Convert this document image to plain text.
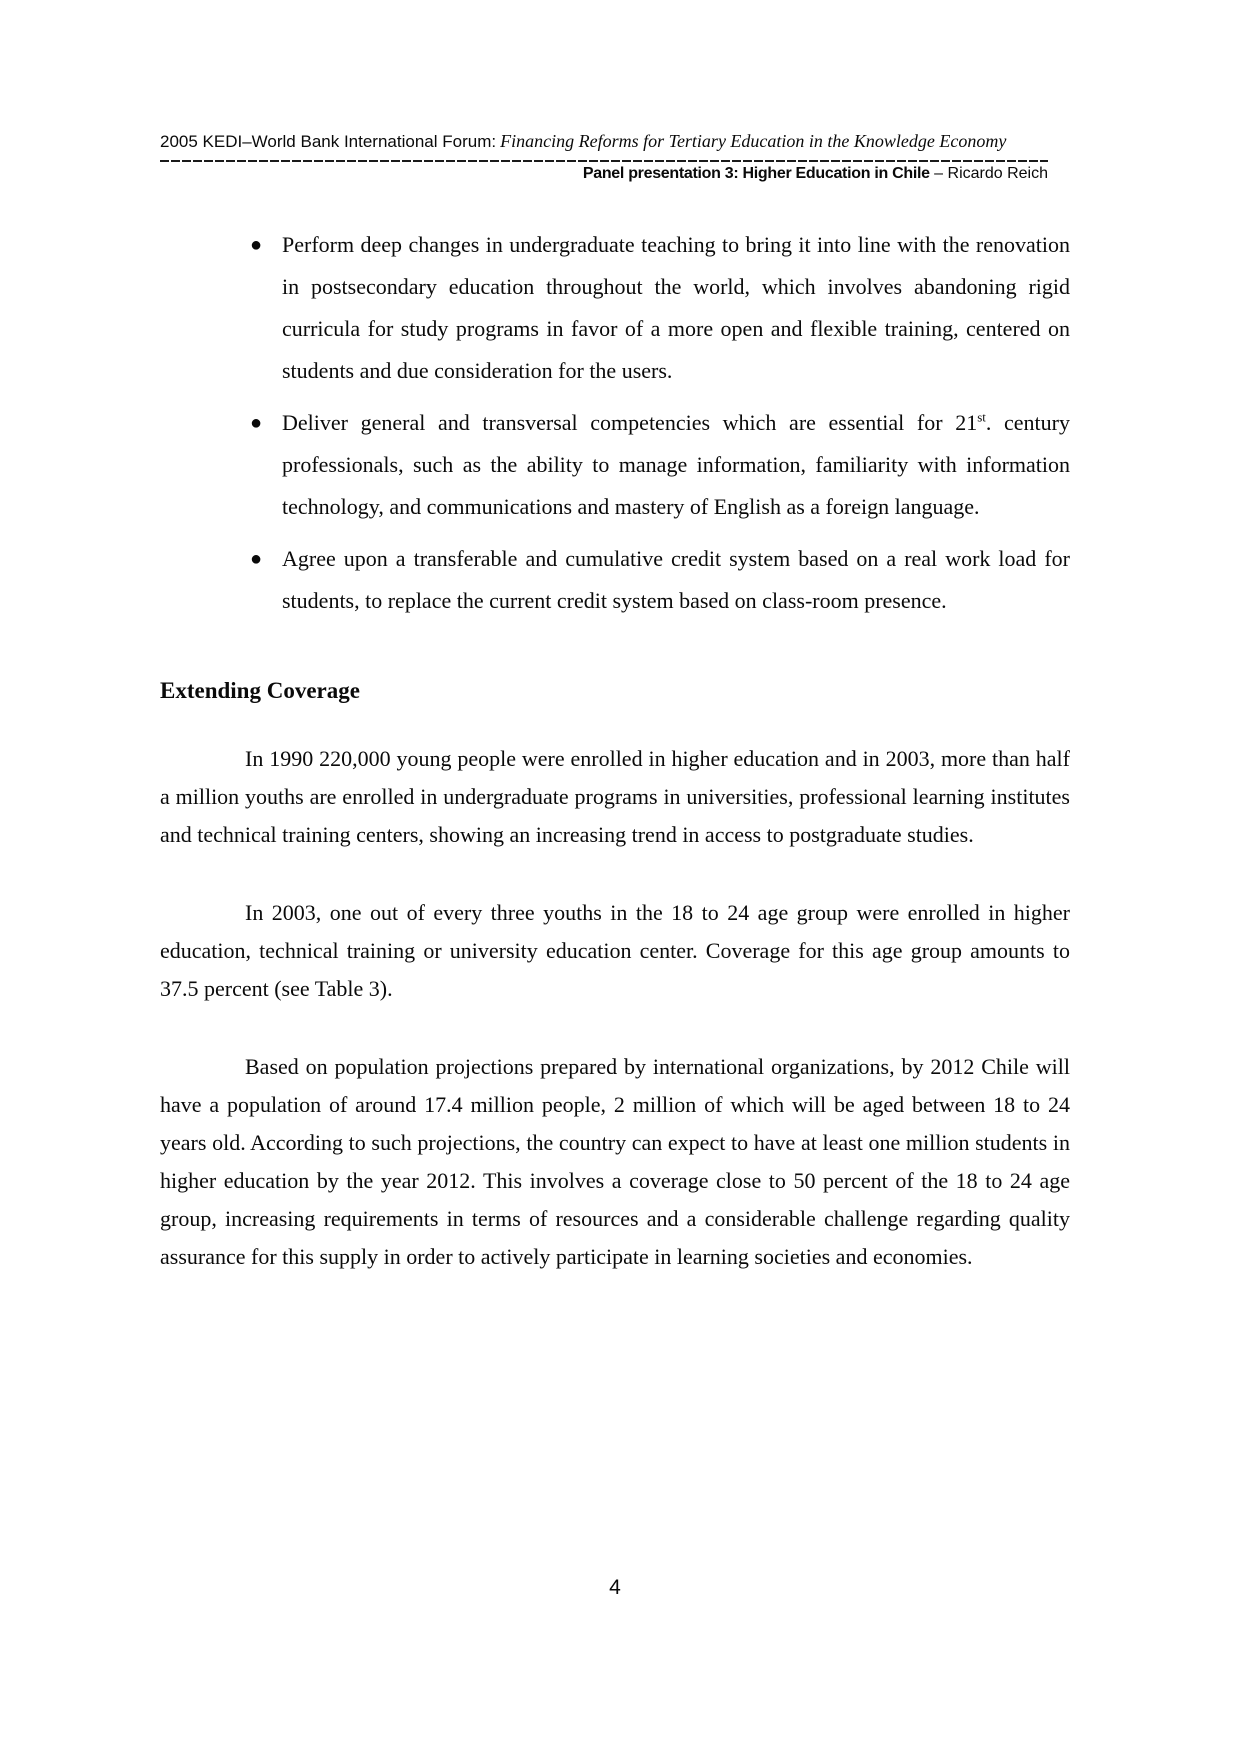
2005 KEDI–World Bank International Forum: Financing Reforms for Tertiary Education in the Knowledge Economy
Panel presentation 3: Higher Education in Chile – Ricardo Reich
● Perform deep changes in undergraduate teaching to bring it into line with the renovation in postsecondary education throughout the world, which involves abandoning rigid curricula for study programs in favor of a more open and flexible training, centered on students and due consideration for the users.
● Deliver general and transversal competencies which are essential for 21st. century professionals, such as the ability to manage information, familiarity with information technology, and communications and mastery of English as a foreign language.
● Agree upon a transferable and cumulative credit system based on a real work load for students, to replace the current credit system based on class-room presence.
Extending Coverage

In 1990 220,000 young people were enrolled in higher education and in 2003, more than half a million youths are enrolled in undergraduate programs in universities, professional learning institutes and technical training centers, showing an increasing trend in access to postgraduate studies.

In 2003, one out of every three youths in the 18 to 24 age group were enrolled in higher education, technical training or university education center. Coverage for this age group amounts to 37.5 percent (see Table 3).

Based on population projections prepared by international organizations, by 2012 Chile will have a population of around 17.4 million people, 2 million of which will be aged between 18 to 24 years old. According to such projections, the country can expect to have at least one million students in higher education by the year 2012. This involves a coverage close to 50 percent of the 18 to 24 age group, increasing requirements in terms of resources and a considerable challenge regarding quality assurance for this supply in order to actively participate in learning societies and economies.

4
